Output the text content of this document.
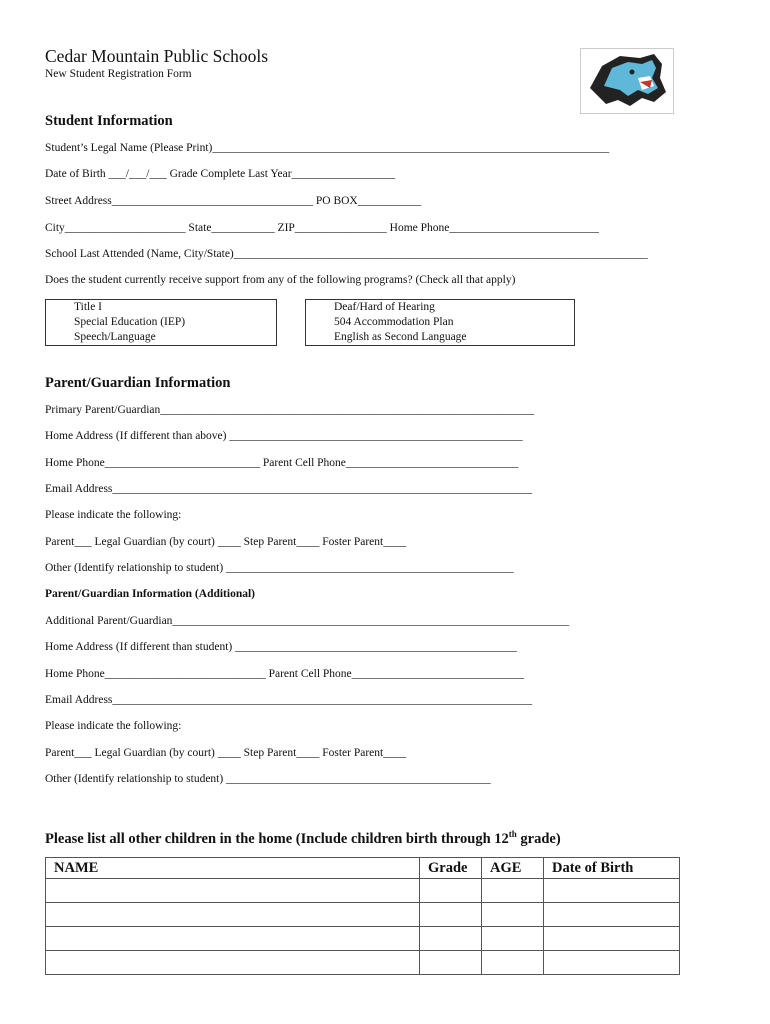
Cedar Mountain Public Schools
New Student Registration Form
Student Information
Student’s Legal Name (Please Print)_____________________________________________________________________
Date of Birth ___/___/___ Grade Complete Last Year__________________
Street Address___________________________________ PO BOX___________
City_____________________ State___________ ZIP________________ Home Phone__________________________
School Last Attended (Name, City/State)________________________________________________________________________
Does the student currently receive support from any of the following programs? (Check all that apply)
Title I
Special Education (IEP)
Speech/Language
Deaf/Hard of Hearing
504 Accommodation Plan
English as Second Language
Parent/Guardian Information
Primary Parent/Guardian_________________________________________________________________
Home Address (If different than above) ___________________________________________________
Home Phone___________________________ Parent Cell Phone______________________________
Email Address_________________________________________________________________________
Please indicate the following:
Parent___ Legal Guardian (by court) ____ Step Parent____ Foster Parent____
Other (Identify relationship to student) __________________________________________________
Parent/Guardian Information (Additional)
Additional Parent/Guardian_____________________________________________________________________
Home Address (If different than student) _________________________________________________
Home Phone____________________________ Parent Cell Phone______________________________
Email Address_________________________________________________________________________
Please indicate the following:
Parent___ Legal Guardian (by court) ____ Step Parent____ Foster Parent____
Other (Identify relationship to student) ______________________________________________
Please list all other children in the home (Include children birth through 12th grade)
NAME	Grade	AGE	Date of Birth
